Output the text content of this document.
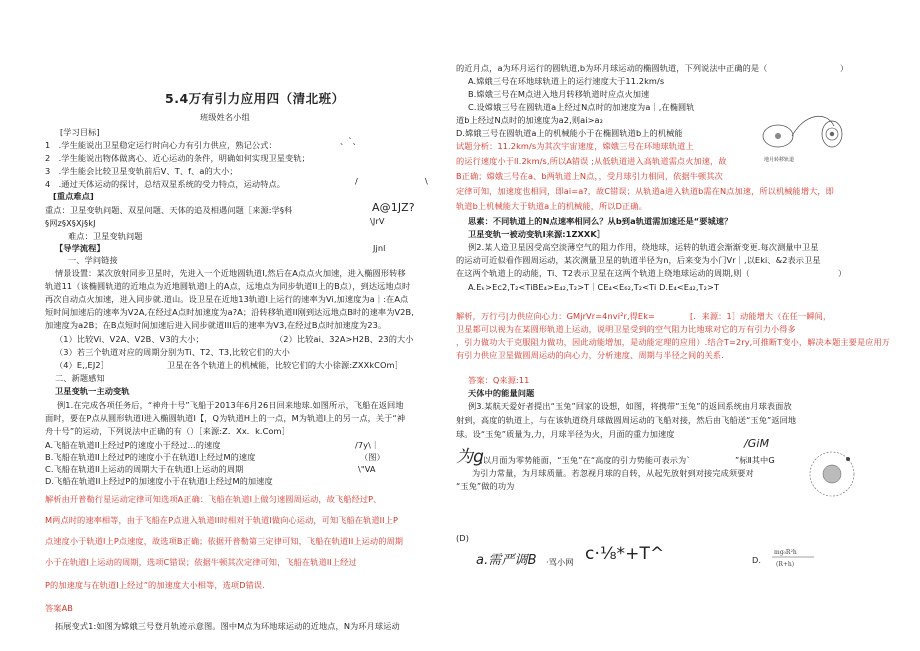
5.4万有引力应用四（清北班）
班级姓名小组
[学习目标]
1　.学生能说出卫星稳定运行时向心力有引力供应，熟记公式：
2　.学生能说出物体做离心、近心运动的条件，明确如何实现卫星变轨；
3　.学生能会比较卫星变轨前后V、T、f、a的大小；
4　.通过天体运动的探讨，总结双星系统的受力特点，运动特点。
、`、
/	\
[重点难点]
重点：卫星变轨问题、双星问题、天体的追及相遇问题［来源:学§科	A@1JZ?
§网z§X§Xj§kJ	\JrV
难点：卫星变轨问题
【导学流程】	Jjnl
一、学问链接
情景设置：某次放射同步卫星时，先进入一个近地圆轨道I,然后在A点点火加速，进入椭圆形转移
轨道11（该椭圆轨道的近地点为近地圆轨道I上的A点，远地点为同步轨道II上的B点），到达远地点时
再次自动点火加速，进入同步就.道山。设卫星在近地13轨道I上运行的速率为Vi,加速度为a｜:在A点
短时间加速后的速率为V2A,在经过A点时加速度为a?A；沿转移轨道II刚到达远地点B时的速率为V2B,
加速度为a2B；在B点短时间加速后进入同步就道III后的速率为V3,在经过B点时加速度为23。
（1）比较Vi、V2A、V2B、V3的大小；	（2）比较ai、32A>H2B、23的大小
（3）若三个轨道对应的周期分别为Ti、T2、T3,比较它们的大小
（4）E,,EJ2］	卫星在各个轨道上的机械能，比较它们的大小徐源:ZXXkCOm］
二、新题感知
卫星变轨一主动变轨
例1.在完成各项任务后，“神舟十号”飞船于2013年6月26日回来地球.如图所示，飞船在返回地
面时，要在P点从圆形轨道I进入椭圆轨道I【，Q为轨道H上的一点，M为轨道I上的另一点，关于“神
舟十号”的运动，下列说法中正确的有（）［来源:Z．Xx．k.Com］
A.飞船在轨道II上经过P的速度小于经过...的速度
B.飞船在轨道II上经过P的速度小于在轨道I上经过M的速度
C.飞船在轨道II上运动的周期大于在轨道I上运动的周期
D.飞船在轨道II上经过P的加速度小于在轨道I上经过M的加速度
/7y\｜
（图）
\"VA
解析由开普勒行星运动定律可知选项A正确：飞船在轨道I上做匀速圆周运动，故飞船经过P、
M两点时的速率相等，由于飞船在P点进入轨道II时相对于轨道I做向心运动，可知飞船在轨道II上P
点速度小于轨道I上P点速度，故选项B正确；依据开普勒第三定律可知，飞船在轨道II上运动的周期
小于在轨道I上运动的周期，选项C错误；依据牛顿其次定律可知，飞船在轨道II上经过
P的加速度与在轨道I上经过”的加速度大小相等，选项D错误.
答案AB
拓展变式1:如图为嫦娥三号登月轨迹示意图。图中M点为环地球运动的近地点，N为环月球运动
的近月点，a为环月运行的圆轨道,b为环月球运动的椭圆轨道，下列说法中正确的是（	）
A.嫦娥三号在环地球轨道上的运行速度大于11.2km/s
B.嫦娥三号在M点进入地月转移轨道时应点火加速
C.设嫦娥三号在圆轨道a上经过N点时的加速度为a｜,在椭圆轨
道b上经过N点时的加速度为a2,则ai>a₂
D.嫦娥三号在圆轨道a上的机械能小于在椭圆轨道b上的机械能
地月转移轨道
试题分析：11.2km/s为其次宇宙速度，嫦娥三号在环地球轨道上
的运行速度小于ll.2km/s,所以A错误 ;从低轨道进入高轨道需点火加速，故
B正确；嫦娥三号在a、b两轨道上N点，，受月球引力相同，依据牛顿其次
定律可知，加速度也相同，即ai=a?，故C错误；从轨道a进入轨道b需在N点加速，所以机械能增大，即
轨道b上机械能大于轨道a上的机械能，所以D正确。
思素：不同轨道上的N点速率相同么？从b到a轨道需加速还是“要城速？
卫星变轨一被动变轨Ⅰ来源:1ZXXK］
例2.某人造卫星因受高空淡薄空气的阻力作用，绕地球，运转的轨道会渐渐变更.每次测量中卫星
的运动可近似看作圆周运动，某次测量卫星的轨道半径为n，后来变为小门Vr｜,以Eki、&2表示卫星
在这两个轨道上的动能，Ti、T2表示卫星在这两个轨道上绕地球运动的周期,则（	）
A.Eₖ>Ec2,T₂<TiBE₄>E₄₂,T₂>T｜CE₄<E₆₂,T₂<Ti D.E₄<E₄₂,T₂>T
解析，万行弓|力供应向心力：GMjrVr=4nvi²r,得Ek=	[．来源：1］动能增大（在任一瞬间，
卫星都可以视为在某圆形轨道上运动，说明卫星受到的空气阻力比地球对它的万有引力小得多
，引力做功大于克服阻力做功，因此动能增加，是动能定理的应用）.结合T=2ry,可推断T变小，解决本题主要是应用万
有引力供应卫星做圆周运动的向心力，分析速度、周期与半径之间的关系.
答案：Q来源:11
天体中的能量问题
例3.某航天爱好者提出“玉兔”回家的设想，如图，将携带“玉兔”的返回系统由月球表面放
射到，高度的轨道上，与在该轨道绕月球做圆周运动的飞船对接，然后由飞船送“玉兔”返回地
球。设“玉兔”质量为,力，月球半径为火，月面的重力加速度
/GiM
为g
,以月面为零势能面，“玉兔”在“高度的引力势能可表示为`	”标Ⅱ其中G
为引力常量，为月球质量。若忽视月球的自转，从起先放射到对接完成须要对
“玉兔”做的功为
(D)
a.需严调B ·骂小网 c·⅛*+T^	D.
mg₀R²h
(R+h)
